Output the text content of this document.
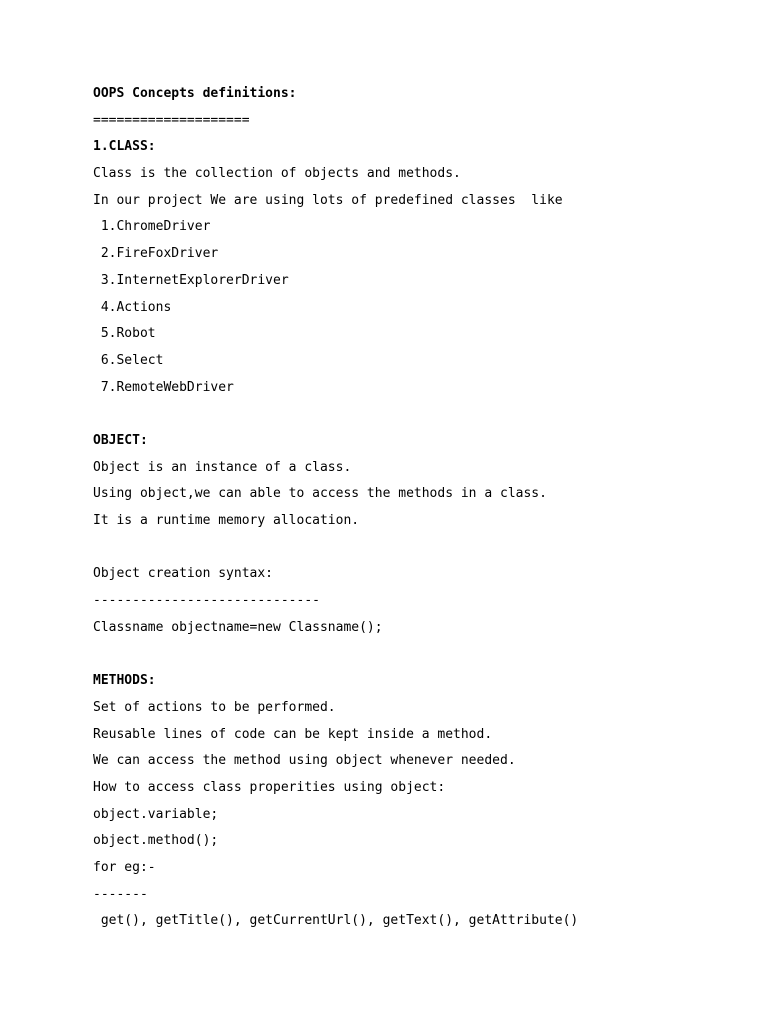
OOPS Concepts definitions:
====================
1.CLASS:
Class is the collection of objects and methods.
In our project We are using lots of predefined classes  like
1.ChromeDriver
2.FireFoxDriver
3.InternetExplorerDriver
4.Actions
5.Robot
6.Select
7.RemoteWebDriver
OBJECT:
Object is an instance of a class.
Using object,we can able to access the methods in a class.
It is a runtime memory allocation.
Object creation syntax:
-----------------------------
Classname objectname=new Classname();
METHODS:
Set of actions to be performed.
Reusable lines of code can be kept inside a method.
We can access the method using object whenever needed.
How to access class properities using object:
object.variable;
object.method();
for eg:-
-------
get(), getTitle(), getCurrentUrl(), getText(), getAttribute()
